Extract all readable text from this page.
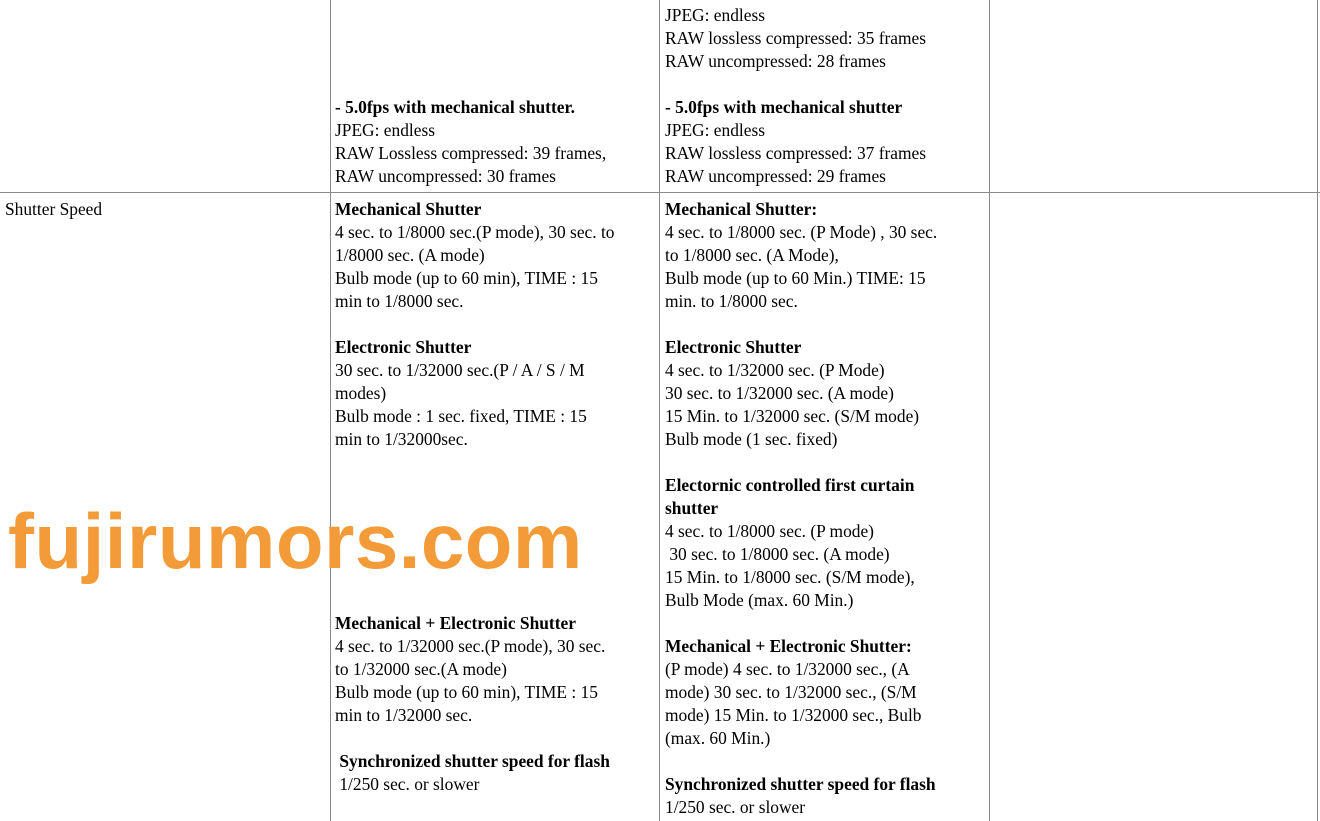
- 5.0fps with mechanical shutter.
JPEG: endless
RAW Lossless compressed: 39 frames,
RAW uncompressed: 30 frames
JPEG: endless
RAW lossless compressed: 35 frames
RAW uncompressed: 28 frames
- 5.0fps with mechanical shutter
JPEG: endless
RAW lossless compressed: 37 frames
RAW uncompressed: 29 frames
Shutter Speed	Mechanical Shutter
4 sec. to 1/8000 sec.(P mode), 30 sec. to
1/8000 sec. (A mode)
Bulb mode (up to 60 min), TIME : 15
min to 1/8000 sec.
Electronic Shutter
30 sec. to 1/32000 sec.(P / A / S / M
modes)
Bulb mode : 1 sec. fixed, TIME : 15
min to 1/32000sec.
Mechanical + Electronic Shutter
4 sec. to 1/32000 sec.(P mode), 30 sec.
to 1/32000 sec.(A mode)
Bulb mode (up to 60 min), TIME : 15
min to 1/32000 sec.
Synchronized shutter speed for flash
1/250 sec. or slower
Mechanical Shutter:
4 sec. to 1/8000 sec. (P Mode) , 30 sec.
to 1/8000 sec. (A Mode),
Bulb mode (up to 60 Min.) TIME: 15
min. to 1/8000 sec.
Electronic Shutter
4 sec. to 1/32000 sec. (P Mode)
30 sec. to 1/32000 sec. (A mode)
15 Min. to 1/32000 sec. (S/M mode)
Bulb mode (1 sec. fixed)
Electornic controlled first curtain
shutter
4 sec. to 1/8000 sec. (P mode)
30 sec. to 1/8000 sec. (A mode)
15 Min. to 1/8000 sec. (S/M mode),
Bulb Mode (max. 60 Min.)
Mechanical + Electronic Shutter:
(P mode) 4 sec. to 1/32000 sec., (A
mode) 30 sec. to 1/32000 sec., (S/M
mode) 15 Min. to 1/32000 sec., Bulb
(max. 60 Min.)
Synchronized shutter speed for flash
1/250 sec. or slower
fujirumors.com
